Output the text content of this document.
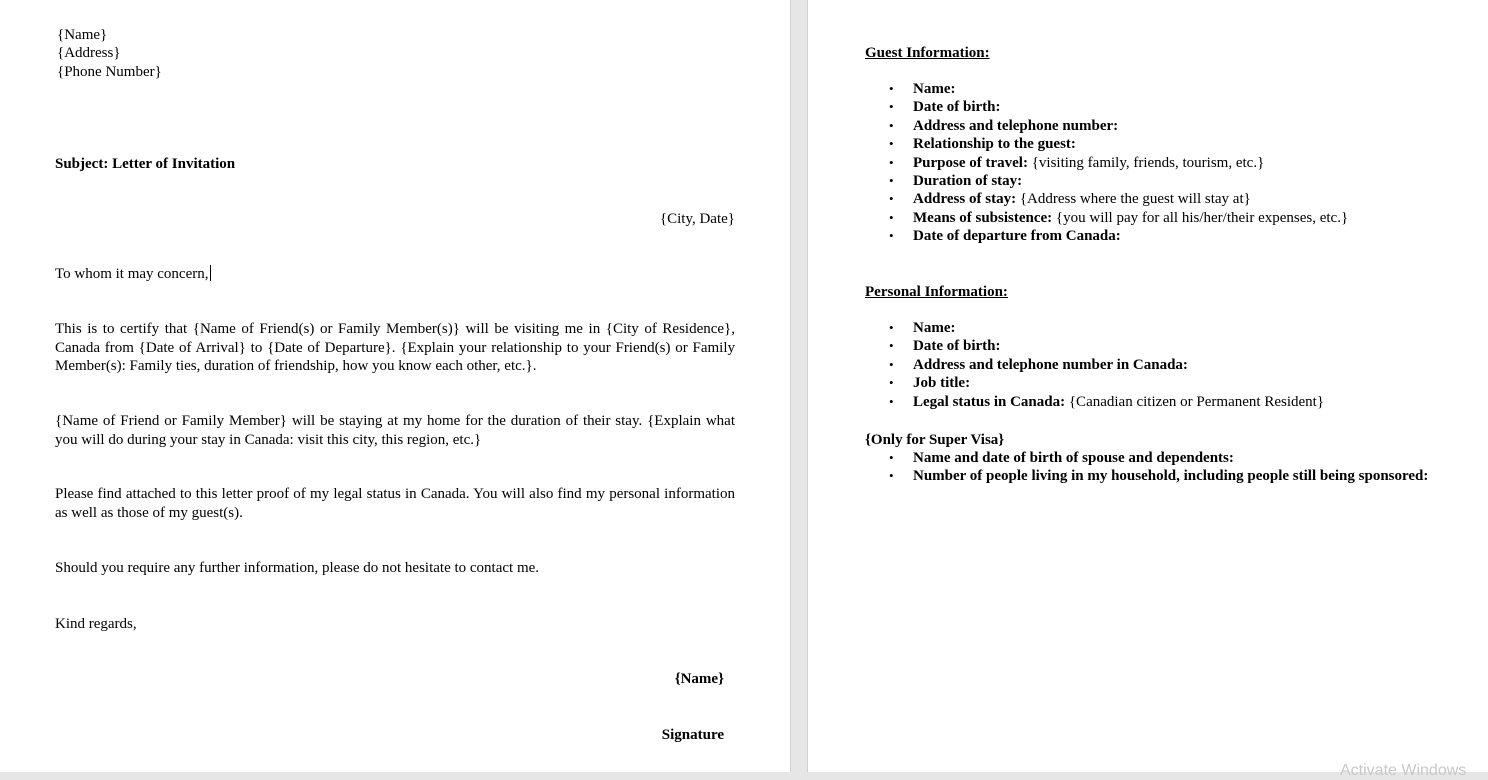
{Name}
{Address}
{Phone Number}
Subject: Letter of Invitation
{City, Date}
To whom it may concern,
This is to certify that {Name of Friend(s) or Family Member(s)} will be visiting me in {City of Residence}, Canada from {Date of Arrival} to {Date of Departure}. {Explain your relationship to your Friend(s) or Family Member(s): Family ties, duration of friendship, how you know each other, etc.}.
{Name of Friend or Family Member} will be staying at my home for the duration of their stay. {Explain what you will do during your stay in Canada: visit this city, this region, etc.}
Please find attached to this letter proof of my legal status in Canada. You will also find my personal information as well as those of my guest(s).
Should you require any further information, please do not hesitate to contact me.
Kind regards,
{Name}
Signature
Guest Information:
• Name:
• Date of birth:
• Address and telephone number:
• Relationship to the guest:
• Purpose of travel: {visiting family, friends, tourism, etc.}
• Duration of stay:
• Address of stay: {Address where the guest will stay at}
• Means of subsistence: {you will pay for all his/her/their expenses, etc.}
• Date of departure from Canada:
Personal Information:
• Name:
• Date of birth:
• Address and telephone number in Canada:
• Job title:
• Legal status in Canada: {Canadian citizen or Permanent Resident}
{Only for Super Visa}
• Name and date of birth of spouse and dependents:
• Number of people living in my household, including people still being sponsored:
Activate Windows
